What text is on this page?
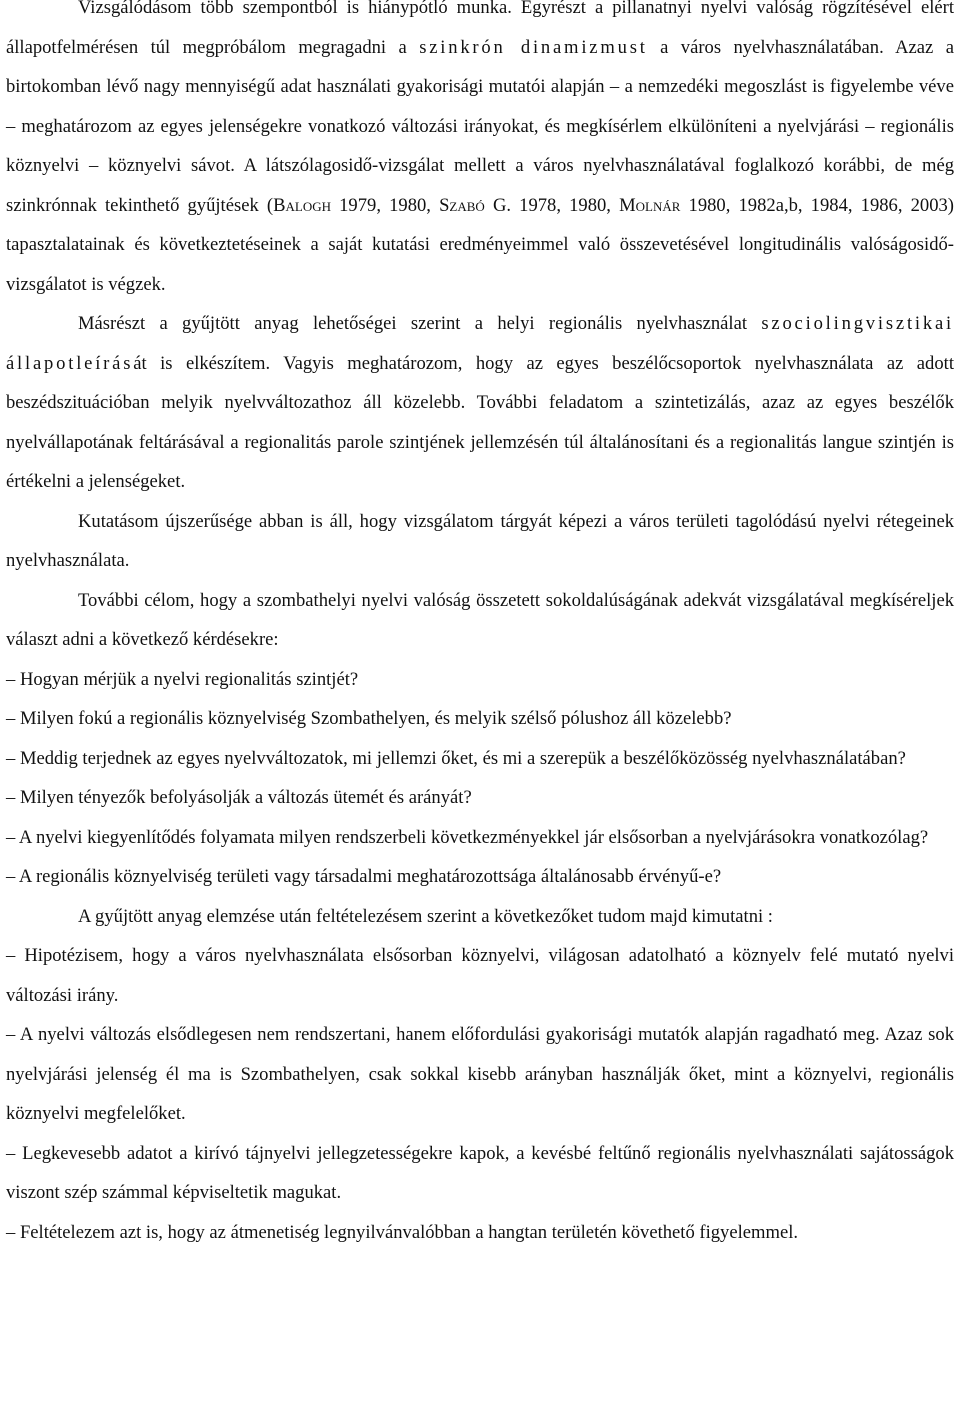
Vizsgálódásom több szempontból is hiánypótló munka. Egyrészt a pillanatnyi nyelvi valóság rögzítésével elért állapotfelmérésen túl megpróbálom megragadni a szinkrón dinamizmust a város nyelvhasználatában. Azaz a birtokomban lévő nagy mennyiségű adat használati gyakorisági mutatói alapján – a nemzedéki megoszlást is figyelembe véve – meghatározom az egyes jelenségekre vonatkozó változási irányokat, és megkísérlem elkülöníteni a nyelvjárási – regionális köznyelvi – köznyelvi sávot. A látszólagosidő-vizsgálat mellett a város nyelvhasználatával foglalkozó korábbi, de még szinkrónnak tekinthető gyűjtések (Balogh 1979, 1980, Szabó G. 1978, 1980, Molnár 1980, 1982a,b, 1984, 1986, 2003) tapasztalatainak és következtetéseinek a saját kutatási eredményeimmel való összevetésével longitudinális valóságosidő-vizsgálatot is végzek.

Másrészt a gyűjtött anyag lehetőségei szerint a helyi regionális nyelvhasználat szociolingvisztikai állapotleírását is elkészítem. Vagyis meghatározom, hogy az egyes beszélőcsoportok nyelvhasználata az adott beszédszituációban melyik nyelvváltozathoz áll közelebb. További feladatom a szintetizálás, azaz az egyes beszélők nyelvállapotának feltárásával a regionalitás parole szintjének jellemzésén túl általánosítani és a regionalitás langue szintjén is értékelni a jelenségeket.

Kutatásom újszerűsége abban is áll, hogy vizsgálatom tárgyát képezi a város területi tagolódású nyelvi rétegeinek nyelvhasználata.

További célom, hogy a szombathelyi nyelvi valóság összetett sokoldalúságának adekvát vizsgálatával megkíséreljek választ adni a következő kérdésekre:

– Hogyan mérjük a nyelvi regionalitás szintjét?

– Milyen fokú a regionális köznyelviség Szombathelyen, és melyik szélső pólushoz áll közelebb?

– Meddig terjednek az egyes nyelvváltozatok, mi jellemzi őket, és mi a szerepük a beszélőközösség nyelvhasználatában?

– Milyen tényezők befolyásolják a változás ütemét és arányát?

– A nyelvi kiegyenlítődés folyamata milyen rendszerbeli következményekkel jár elsősorban a nyelvjárásokra vonatkozólag?

– A regionális köznyelviség területi vagy társadalmi meghatározottsága általánosabb érvényű-e?

A gyűjtött anyag elemzése után feltételezésem szerint a következőket tudom majd kimutatni :

– Hipotézisem, hogy a város nyelvhasználata elsősorban köznyelvi, világosan adatolható a köznyelv felé mutató nyelvi változási irány.

– A nyelvi változás elsődlegesen nem rendszertani, hanem előfordulási gyakorisági mutatók alapján ragadható meg. Azaz sok nyelvjárási jelenség él ma is Szombathelyen, csak sokkal kisebb arányban használják őket, mint a köznyelvi, regionális köznyelvi megfelelőket.

– Legkevesebb adatot a kirívó tájnyelvi jellegzetességekre kapok, a kevésbé feltűnő regionális nyelvhasználati sajátosságok viszont szép számmal képviseltetik magukat.

– Feltételezem azt is, hogy az átmenetiség legnyilvánvalóbban a hangtan területén követhető figyelemmel.
